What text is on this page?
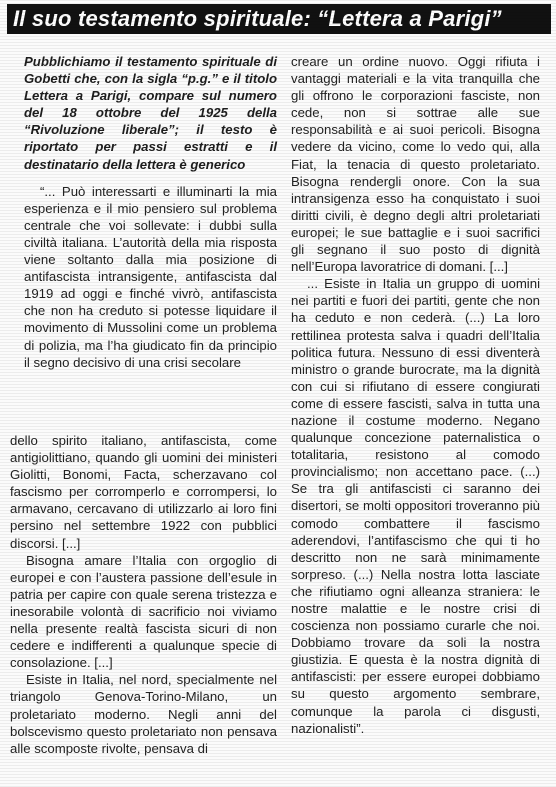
Il suo testamento spirituale: “Lettera a Parigi”

Pubblichiamo il testamento spirituale di Gobetti che, con la sigla “p.g.” e il titolo Lettera a Parigi, compare sul numero del 18 ottobre del 1925 della “Rivoluzione liberale”; il testo è riportato per passi estratti e il destinatario della lettera è generico

“... Può interessarti e illuminarti la mia esperienza e il mio pensiero sul problema centrale che voi sollevate: i dubbi sulla civiltà italiana. L’autorità della mia risposta viene soltanto dalla mia posizione di antifascista intransigente, antifascista dal 1919 ad oggi e finché vivrò, antifascista che non ha creduto si potesse liquidare il movimento di Mussolini come un problema di polizia, ma l’ha giudicato fin da principio il segno decisivo di una crisi secolare

dello spirito italiano, antifascista, come antigiolittiano, quando gli uomini dei ministeri Giolitti, Bonomi, Facta, scherzavano col fascismo per corromperlo e corrompersi, lo armavano, cercavano di utilizzarlo ai loro fini persino nel settembre 1922 con pubblici discorsi. [...]

Bisogna amare l’Italia con orgoglio di europei e con l’austera passione dell’esule in patria per capire con quale serena tristezza e inesorabile volontà di sacrificio noi viviamo nella presente realtà fascista sicuri di non cedere e indifferenti a qualunque specie di consolazione. [...]

Esiste in Italia, nel nord, specialmente nel triangolo Genova-Torino-Milano, un proletariato moderno. Negli anni del bolscevismo questo proletariato non pensava alle scomposte rivolte, pensava di

creare un ordine nuovo. Oggi rifiuta i vantaggi materiali e la vita tranquilla che gli offrono le corporazioni fasciste, non cede, non si sottrae alle sue responsabilità e ai suoi pericoli. Bisogna vedere da vicino, come lo vedo qui, alla Fiat, la tenacia di questo proletariato. Bisogna rendergli onore. Con la sua intransigenza esso ha conquistato i suoi diritti civili, è degno degli altri proletariati europei; le sue battaglie e i suoi sacrifici gli segnano il suo posto di dignità nell’Europa lavoratrice di domani. [...]

... Esiste in Italia un gruppo di uomini nei partiti e fuori dei partiti, gente che non ha ceduto e non cederà. (...) La loro rettilinea protesta salva i quadri dell’Italia politica futura. Nessuno di essi diventerà ministro o grande burocrate, ma la dignità con cui si rifiutano di essere congiurati come di essere fascisti, salva in tutta una nazione il costume moderno. Negano qualunque concezione paternalistica o totalitaria, resistono al comodo provincialismo; non accettano pace. (...) Se tra gli antifascisti ci saranno dei disertori, se molti oppositori troveranno più comodo combattere il fascismo aderendovi, l’antifascismo che qui ti ho descritto non ne sarà minimamente sorpreso. (...) Nella nostra lotta lasciate che rifiutiamo ogni alleanza straniera: le nostre malattie e le nostre crisi di coscienza non possiamo curarle che noi. Dobbiamo trovare da soli la nostra giustizia. E questa è la nostra dignità di antifascisti: per essere europei dobbiamo su questo argomento sembrare, comunque la parola ci disgusti, nazionalisti”.
